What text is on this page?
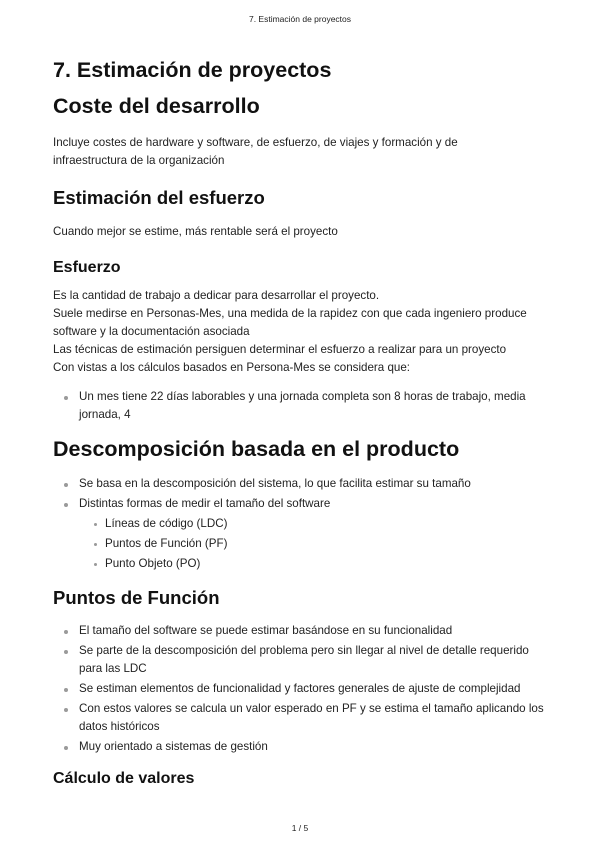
7. Estimación de proyectos
7. Estimación de proyectos
Coste del desarrollo

Incluye costes de hardware y software, de esfuerzo, de viajes y formación y de infraestructura de la organización

Estimación del esfuerzo

Cuando mejor se estime, más rentable será el proyecto

Esfuerzo

Es la cantidad de trabajo a dedicar para desarrollar el proyecto.

Suele medirse en Personas-Mes, una medida de la rapidez con que cada ingeniero produce software y la documentación asociada

Las técnicas de estimación persiguen determinar el esfuerzo a realizar para un proyecto

Con vistas a los cálculos basados en Persona-Mes se considera que:

Un mes tiene 22 días laborables y una jornada completa son 8 horas de trabajo, media jornada, 4
Descomposición basada en el producto
Se basa en la descomposición del sistema, lo que facilita estimar su tamaño
Distintas formas de medir el tamaño del software
Líneas de código (LDC)
Puntos de Función (PF)
Punto Objeto (PO)
Puntos de Función
El tamaño del software se puede estimar basándose en su funcionalidad
Se parte de la descomposición del problema pero sin llegar al nivel de detalle requerido para las LDC
Se estiman elementos de funcionalidad y factores generales de ajuste de complejidad
Con estos valores se calcula un valor esperado en PF y se estima el tamaño aplicando los datos históricos
Muy orientado a sistemas de gestión
Cálculo de valores
1 / 5
